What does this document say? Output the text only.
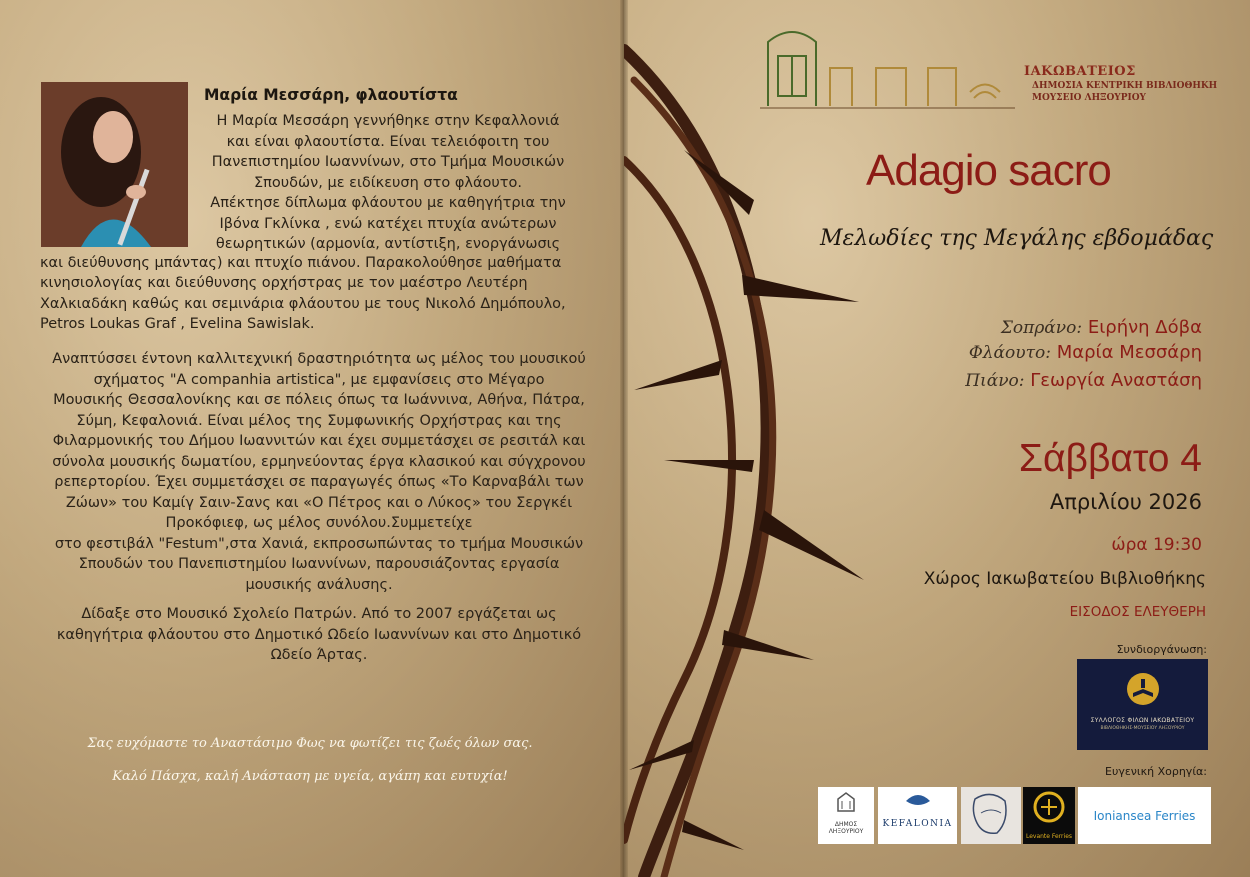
Μαρία Μεσσάρη, φλαουτίστα
Η Μαρία Μεσσάρη γεννήθηκε στην Κεφαλλονιά
και είναι φλαουτίστα. Είναι τελειόφοιτη του
Πανεπιστημίου Ιωαννίνων, στο Τμήμα Μουσικών
Σπουδών, με ειδίκευση στο φλάουτο.
Απέκτησε δίπλωμα φλάουτου με καθηγήτρια την
Ιβόνα Γκλίνκα , ενώ κατέχει πτυχία ανώτερων
θεωρητικών (αρμονία, αντίστιξη, ενοργάνωσις
και διεύθυνσης μπάντας) και πτυχίο πιάνου. Παρακολούθησε μαθήματα
κινησιολογίας και διεύθυνσης ορχήστρας με τον μαέστρο Λευτέρη
Χαλκιαδάκη καθώς και σεμινάρια φλάουτου με τους Νικολό Δημόπουλο,
Petros Loukas Graf , Evelina Sawislak.
Αναπτύσσει έντονη καλλιτεχνική δραστηριότητα ως μέλος του μουσικού
σχήματος "A companhia artistica", με εμφανίσεις στο Μέγαρο
Μουσικής Θεσσαλονίκης και σε πόλεις όπως τα Ιωάννινα, Αθήνα, Πάτρα,
Σύμη, Κεφαλονιά. Είναι μέλος της Συμφωνικής Ορχήστρας και της
Φιλαρμονικής του Δήμου Ιωαννιτών και έχει συμμετάσχει σε ρεσιτάλ και
σύνολα μουσικής δωματίου, ερμηνεύοντας έργα κλασικού και σύγχρονου
ρεπερτορίου. Έχει συμμετάσχει σε παραγωγές όπως «Το Καρναβάλι των
Ζώων» του Καμίγ Σαιν-Σανς και «Ο Πέτρος και ο Λύκος» του Σεργκέι
Προκόφιεφ, ως μέλος συνόλου.Συμμετείχε
στο φεστιβάλ "Festum",στα Χανιά, εκπροσωπώντας το τμήμα Μουσικών
Σπουδών του Πανεπιστημίου Ιωαννίνων, παρουσιάζοντας εργασία
μουσικής ανάλυσης.
Δίδαξε στο Μουσικό Σχολείο Πατρών. Από το 2007 εργάζεται ως
καθηγήτρια φλάουτου στο Δημοτικό Ωδείο Ιωαννίνων και στο Δημοτικό
Ωδείο Άρτας.
Σας ευχόμαστε το Αναστάσιμο Φως να φωτίζει τις ζωές όλων σας.
Καλό Πάσχα, καλή Ανάσταση με υγεία, αγάπη και ευτυχία!
ΙΑΚΩΒΑΤΕΙΟΣ
ΔΗΜΟΣΙΑ ΚΕΝΤΡΙΚΗ ΒΙΒΛΙΟΘΗΚΗ
ΜΟΥΣΕΙΟ ΛΗΞΟΥΡΙΟΥ
Adagio sacro
Μελωδίες της Μεγάλης εβδομάδας
Σοπράνο: Ειρήνη Δόβα
Φλάουτο: Μαρία Μεσσάρη
Πιάνο: Γεωργία Αναστάση
Σάββατο 4
Απριλίου 2026
ώρα 19:30
Χώρος Ιακωβατείου Βιβλιοθήκης
ΕΙΣΟΔΟΣ ΕΛΕΥΘΕΡΗ
Συνδιοργάνωση:
ΣΥΛΛΟΓΟΣ ΦΙΛΩΝ ΙΑΚΩΒΑΤΕΙΟΥ
ΒΙΒΛΙΟΘΗΚΗΣ-ΜΟΥΣΕΙΟΥ ΛΗΞΟΥΡΙΟΥ
Ευγενική Χορηγία:
ΔΗΜΟΣ ΛΗΞΟΥΡΙΟΥ
KEFALONIA
Levante Ferries
Ioniansea Ferries
